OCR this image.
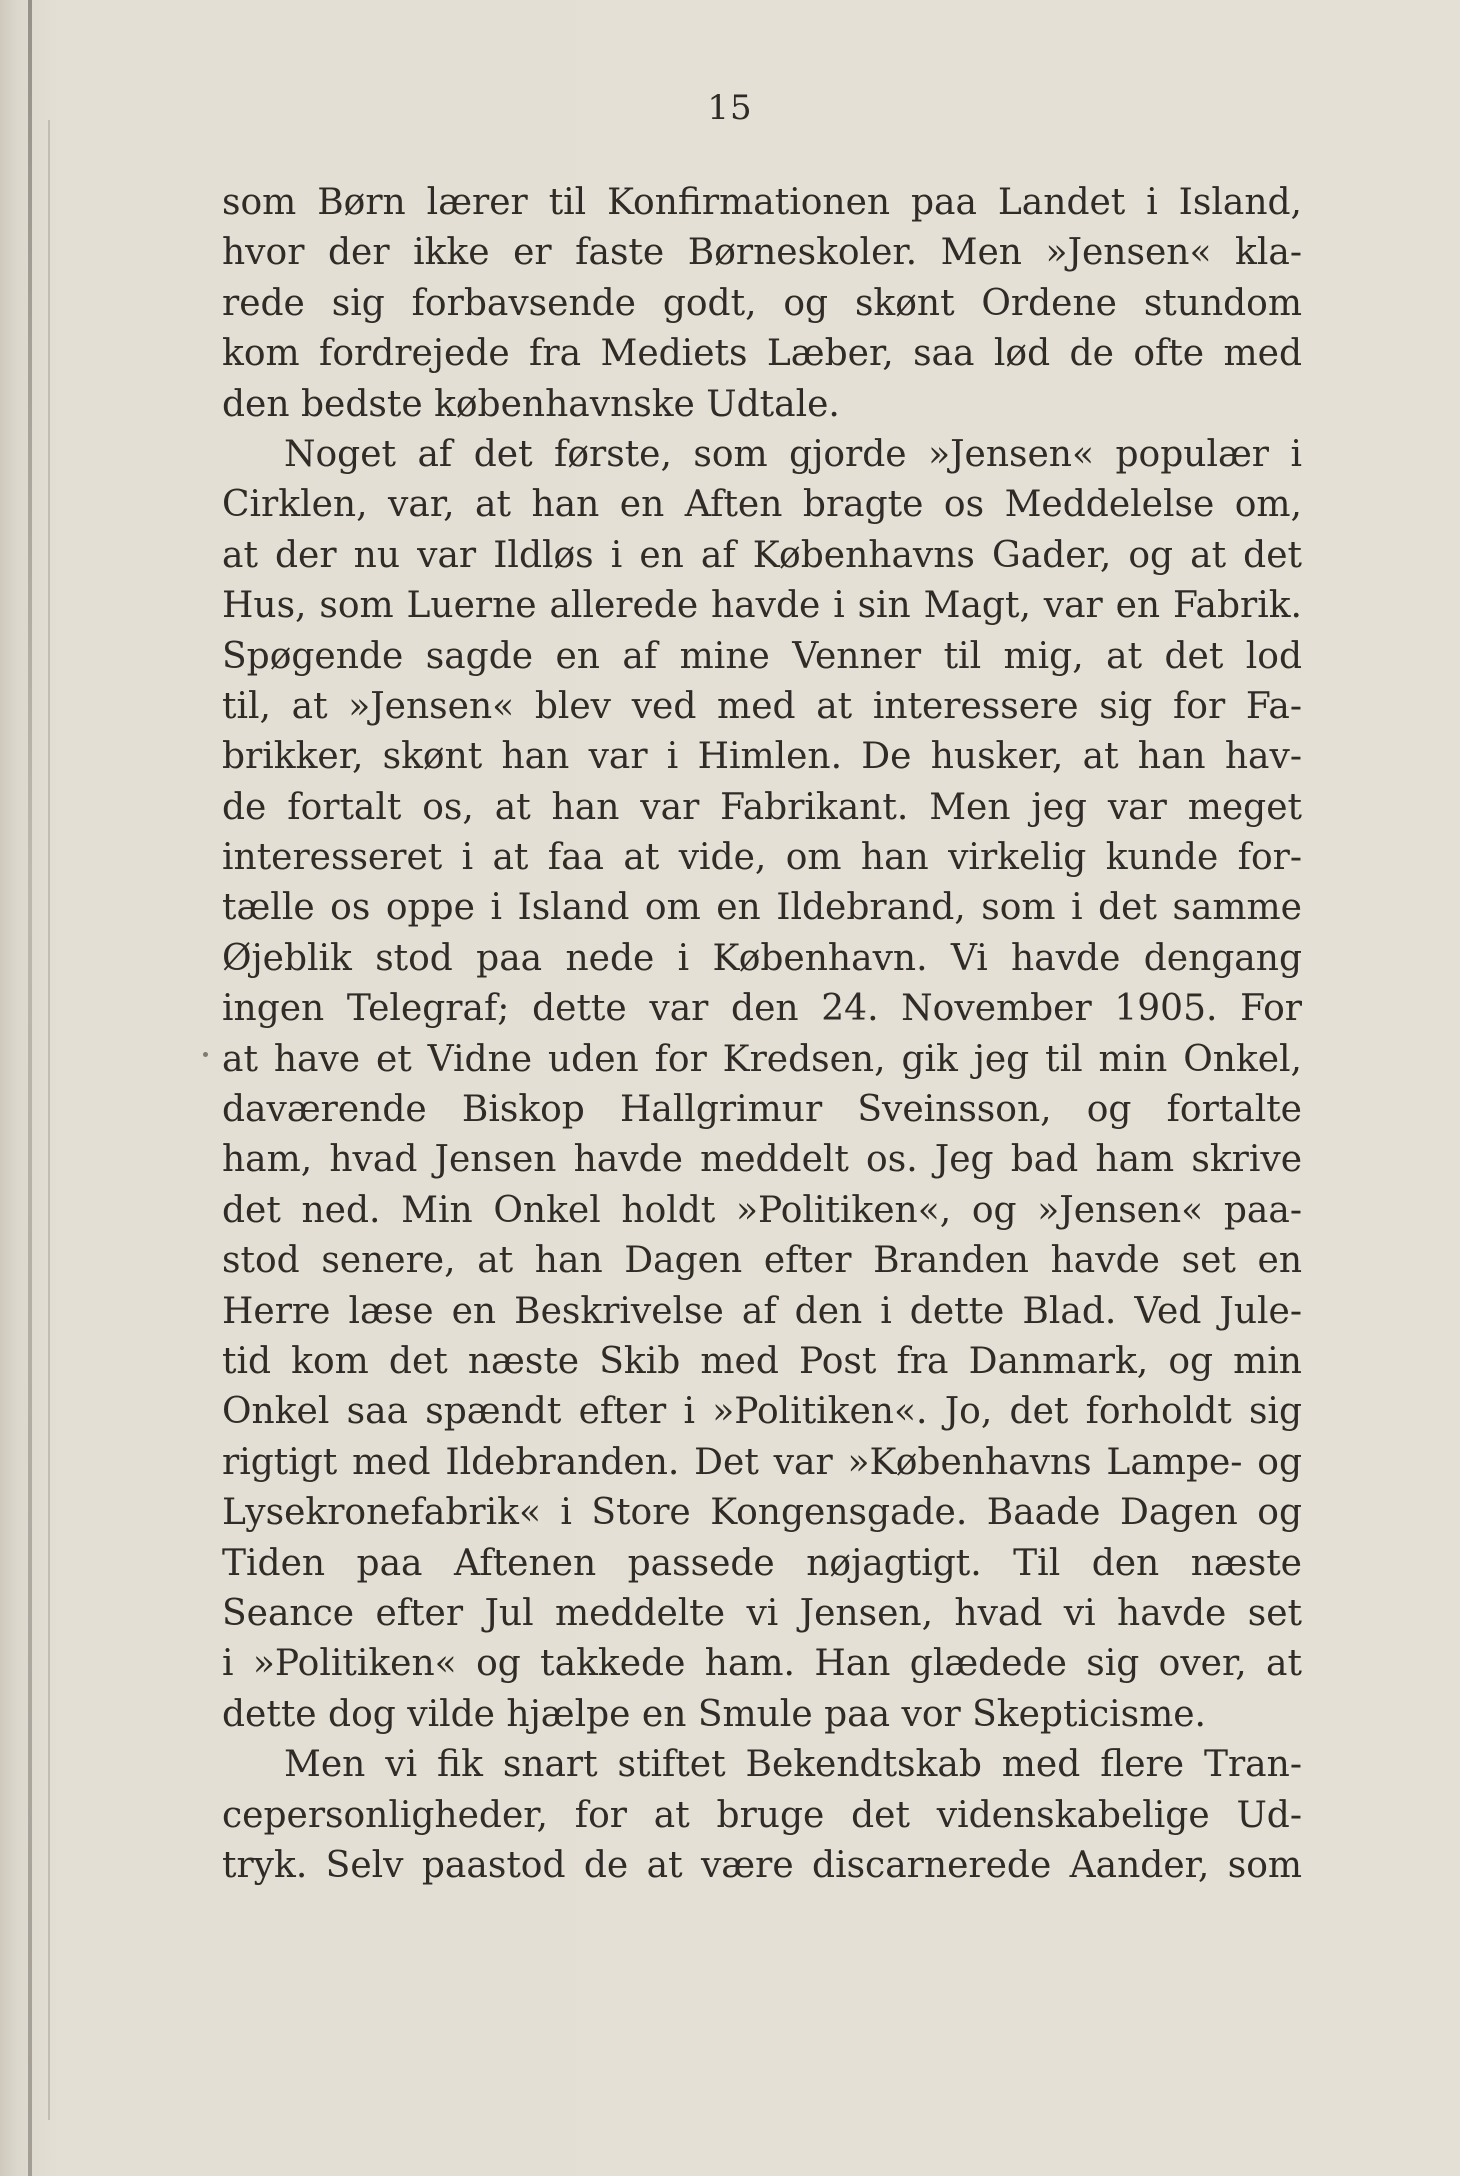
15
som Børn lærer til Konfirmationen paa Landet i Island,
hvor der ikke er faste Børneskoler. Men »Jensen« kla-
rede sig forbavsende godt, og skønt Ordene stundom
kom fordrejede fra Mediets Læber, saa lød de ofte med
den bedste københavnske Udtale.
Noget af det første, som gjorde »Jensen« populær i
Cirklen, var, at han en Aften bragte os Meddelelse om,
at der nu var Ildløs i en af Københavns Gader, og at det
Hus, som Luerne allerede havde i sin Magt, var en Fabrik.
Spøgende sagde en af mine Venner til mig, at det lod
til, at »Jensen« blev ved med at interessere sig for Fa-
brikker, skønt han var i Himlen. De husker, at han hav-
de fortalt os, at han var Fabrikant. Men jeg var meget
interesseret i at faa at vide, om han virkelig kunde for-
tælle os oppe i Island om en Ildebrand, som i det samme
Øjeblik stod paa nede i København. Vi havde dengang
ingen Telegraf; dette var den 24. November 1905. For
at have et Vidne uden for Kredsen, gik jeg til min Onkel,
daværende Biskop Hallgrimur Sveinsson, og fortalte
ham, hvad Jensen havde meddelt os. Jeg bad ham skrive
det ned. Min Onkel holdt »Politiken«, og »Jensen« paa-
stod senere, at han Dagen efter Branden havde set en
Herre læse en Beskrivelse af den i dette Blad. Ved Jule-
tid kom det næste Skib med Post fra Danmark, og min
Onkel saa spændt efter i »Politiken«. Jo, det forholdt sig
rigtigt med Ildebranden. Det var »Københavns Lampe- og
Lysekronefabrik« i Store Kongensgade. Baade Dagen og
Tiden paa Aftenen passede nøjagtigt. Til den næste
Seance efter Jul meddelte vi Jensen, hvad vi havde set
i »Politiken« og takkede ham. Han glædede sig over, at
dette dog vilde hjælpe en Smule paa vor Skepticisme.
Men vi fik snart stiftet Bekendtskab med flere Tran-
cepersonligheder, for at bruge det videnskabelige Ud-
tryk. Selv paastod de at være discarnerede Aander, som
